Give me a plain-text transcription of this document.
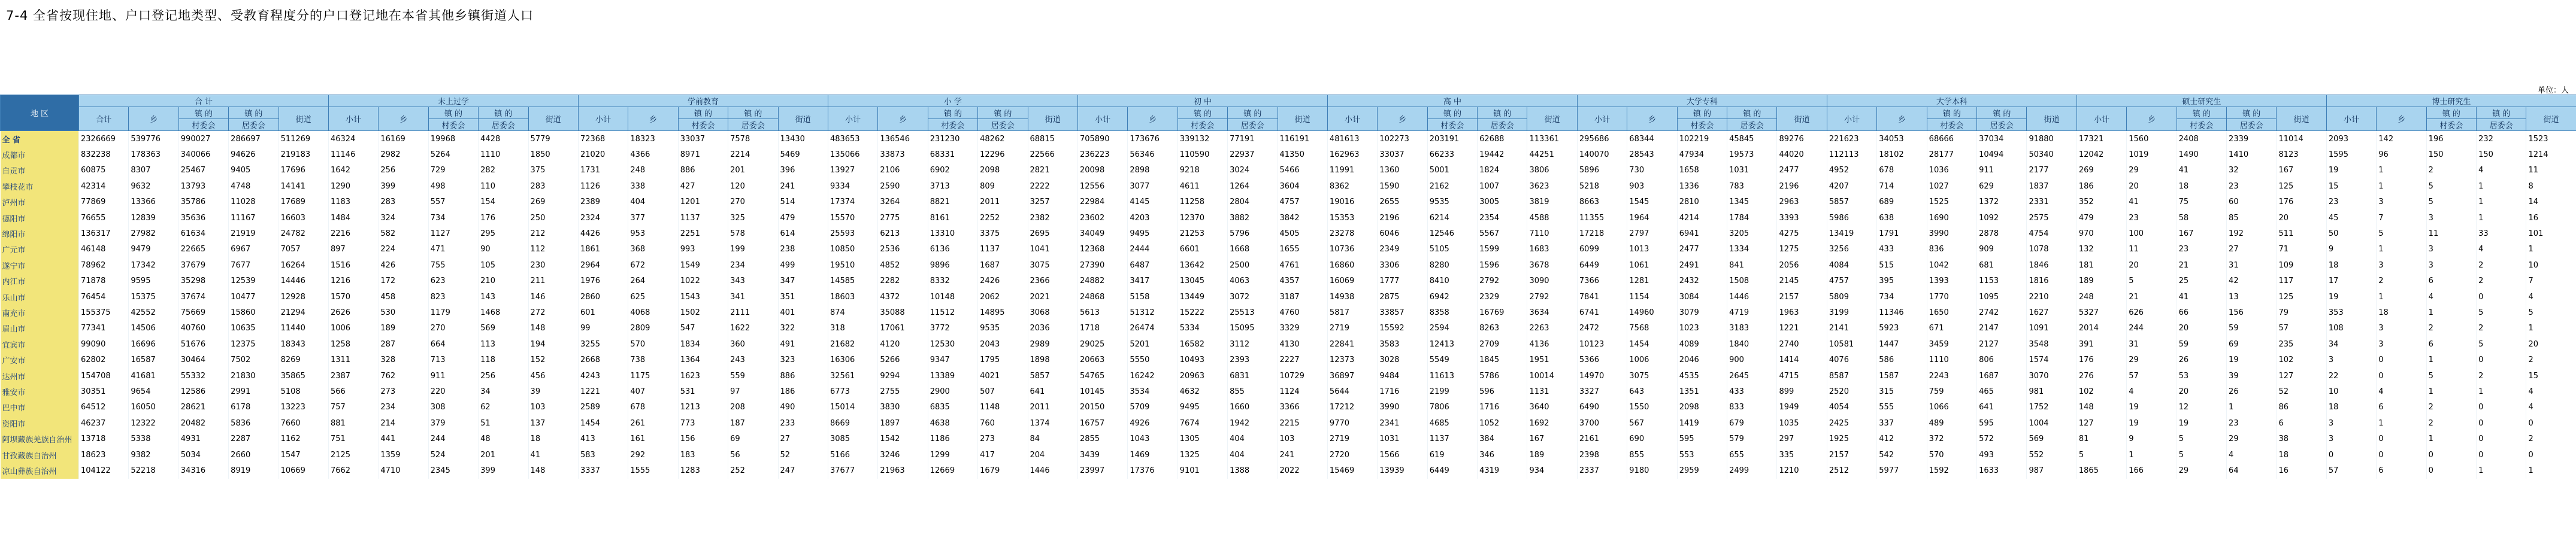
7-4 全省按现住地、户口登记地类型、受教育程度分的户口登记地在本省其他乡镇街道人口
单位：人
地 区	合 计					未上过学					学前教育					小 学					初 中					高 中					大学专科					大学本科					硕士研究生					博士研究生					
	合计	乡	镇 的	镇 的	街道	小计	乡	镇 的	镇 的	街道	小计	乡	镇 的	镇 的	街道	小计	乡	镇 的	镇 的	街道	小计	乡	镇 的	镇 的	街道	小计	乡	镇 的	镇 的	街道	小计	乡	镇 的	镇 的	街道	小计	乡	镇 的	镇 的	街道	小计	乡	镇 的	镇 的	街道	小计	乡	镇 的	镇 的	街道	
			村委会	居委会				村委会	居委会				村委会	居委会				村委会	居委会				村委会	居委会				村委会	居委会				村委会	居委会				村委会	居委会				村委会	居委会				村委会	居委会		
全 省	2326669	539776	990027	286697	511269	46324	16169	19968	4428	5779	72368	18323	33037	7578	13430	483653	136546	231230	48262	68815	705890	173676	339132	77191	116191	481613	102273	203191	62688	113361	295686	68344	102219	45845	89276	221623	34053	68666	37034	91880	17321	1560	2408	2339	11014	2093	142	196	232	1523	
成都市	832238	178363	340066	94626	219183	11146	2982	5264	1110	1850	21020	4366	8971	2214	5469	135066	33873	68331	12296	22566	236223	56346	110590	22937	41350	162963	33037	66233	19442	44251	140070	28543	47934	19573	44020	112113	18102	28177	10494	50340	12042	1019	1490	1410	8123	1595	96	150	150	1214	
自贡市	60875	8307	25467	9405	17696	1642	256	729	282	375	1731	248	886	201	396	13927	2106	6902	2098	2821	20098	2898	9218	3024	5466	11991	1360	5001	1824	3806	5896	730	1658	1031	2477	4952	678	1036	911	2177	269	29	41	32	167	19	1	2	4	11	
攀枝花市	42314	9632	13793	4748	14141	1290	399	498	110	283	1126	338	427	120	241	9334	2590	3713	809	2222	12556	3077	4611	1264	3604	8362	1590	2162	1007	3623	5218	903	1336	783	2196	4207	714	1027	629	1837	186	20	18	23	125	15	1	5	1	8	
泸州市	77869	13366	35786	11028	17689	1183	283	557	154	269	2389	404	1201	270	514	17374	3264	8821	2011	3257	22984	4145	11258	2804	4757	19016	2655	9535	3005	3819	8663	1545	2810	1345	2963	5857	689	1525	1372	2331	352	41	75	60	176	23	3	5	1	14	
德阳市	76655	12839	35636	11167	16603	1484	324	734	176	250	2324	377	1137	325	479	15570	2775	8161	2252	2382	23602	4203	12370	3882	3842	15353	2196	6214	2354	4588	11355	1964	4214	1784	3393	5986	638	1690	1092	2575	479	23	58	85	20	45	7	3	1	16	
绵阳市	136317	27982	61634	21919	24782	2216	582	1127	295	212	4426	953	2251	578	614	25593	6213	13310	3375	2695	34049	9495	21253	5796	4505	23278	6046	12546	5567	7110	17218	2797	6941	3205	4275	13419	1791	3990	2878	4754	970	100	167	192	511	50	5	11	33	101	
广元市	46148	9479	22665	6967	7057	897	224	471	90	112	1861	368	993	199	238	10850	2536	6136	1137	1041	12368	2444	6601	1668	1655	10736	2349	5105	1599	1683	6099	1013	2477	1334	1275	3256	433	836	909	1078	132	11	23	27	71	9	1	3	4	1	
遂宁市	78962	17342	37679	7677	16264	1516	426	755	105	230	2964	672	1549	234	499	19510	4852	9896	1687	3075	27390	6487	13642	2500	4761	16860	3306	8280	1596	3678	6449	1061	2491	841	2056	4084	515	1042	681	1846	181	20	21	31	109	18	3	3	2	10	
内江市	71878	9595	35298	12539	14446	1216	172	623	210	211	1976	264	1022	343	347	14585	2282	8332	2426	2366	24882	3417	13045	4063	4357	16069	1777	8410	2792	3090	7366	1281	2432	1508	2145	4757	395	1393	1153	1816	189	5	25	42	117	17	2	6	2	7	
乐山市	76454	15375	37674	10477	12928	1570	458	823	143	146	2860	625	1543	341	351	18603	4372	10148	2062	2021	24868	5158	13449	3072	3187	14938	2875	6942	2329	2792	7841	1154	3084	1446	2157	5809	734	1770	1095	2210	248	21	41	13	125	19	1	4	0	4	
南充市	155375	42552	75669	15860	21294	2626	530	1179	1468	272	601	4068	1502	2111	401	874	35088	11512	14895	3068	5613	51312	15222	25513	4760	5817	33857	8358	16769	3634	6741	14960	3079	4719	1963	3199	11346	1650	2742	1627	5327	626	66	156	79	353	18	1	5	5	
眉山市	77341	14506	40760	10635	11440	1006	189	270	569	148	99	2809	547	1622	322	318	17061	3772	9535	2036	1718	26474	5334	15095	3329	2719	15592	2594	8263	2263	2472	7568	1023	3183	1221	2141	5923	671	2147	1091	2014	244	20	59	57	108	3	2	2	1	
宜宾市	99090	16696	51676	12375	18343	1258	287	664	113	194	3255	570	1834	360	491	21682	4120	12530	2043	2989	29025	5201	16582	3112	4130	22841	3583	12413	2709	4136	10123	1454	4089	1840	2740	10581	1447	3459	2127	3548	391	31	59	69	235	34	3	6	5	20	
广安市	62802	16587	30464	7502	8269	1311	328	713	118	152	2668	738	1364	243	323	16306	5266	9347	1795	1898	20663	5550	10493	2393	2227	12373	3028	5549	1845	1951	5366	1006	2046	900	1414	4076	586	1110	806	1574	176	29	26	19	102	3	0	1	0	2	
达州市	154708	41681	55332	21830	35865	2387	762	911	256	456	4243	1175	1623	559	886	32561	9294	13389	4021	5857	54765	16242	20963	6831	10729	36897	9484	11613	5786	10014	14970	3075	4535	2645	4715	8587	1587	2243	1687	3070	276	57	53	39	127	22	0	5	2	15	
雅安市	30351	9654	12586	2991	5108	566	273	220	34	39	1221	407	531	97	186	6773	2755	2900	507	641	10145	3534	4632	855	1124	5644	1716	2199	596	1131	3327	643	1351	433	899	2520	315	759	465	981	102	4	20	26	52	10	4	1	1	4	
巴中市	64512	16050	28621	6178	13223	757	234	308	62	103	2589	678	1213	208	490	15014	3830	6835	1148	2011	20150	5709	9495	1660	3366	17212	3990	7806	1716	3640	6490	1550	2098	833	1949	4054	555	1066	641	1752	148	19	12	1	86	18	6	2	0	4	
资阳市	46237	12322	20482	5836	7660	881	214	379	51	137	1454	261	773	187	233	8669	1897	4638	760	1374	16757	4926	7674	1942	2215	9770	2341	4685	1052	1692	3700	567	1419	679	1035	2425	337	489	595	1004	127	19	19	23	6	3	1	2	0	0	
阿坝藏族羌族自治州	13718	5338	4931	2287	1162	751	441	244	48	18	413	161	156	69	27	3085	1542	1186	273	84	2855	1043	1305	404	103	2719	1031	1137	384	167	2161	690	595	579	297	1925	412	372	572	569	81	9	5	29	38	3	0	1	0	2	
甘孜藏族自治州	18623	9382	5034	2660	1547	2125	1359	524	201	41	583	292	183	56	52	5166	3246	1299	417	204	3439	1469	1325	404	241	2720	1566	619	346	189	2398	855	553	655	335	2157	542	570	493	552	5	1	5	4	18	0	0	0	0	0	
凉山彝族自治州	104122	52218	34316	8919	10669	7662	4710	2345	399	148	3337	1555	1283	252	247	37677	21963	12669	1679	1446	23997	17376	9101	1388	2022	15469	13939	6449	4319	934	2337	9180	2959	2499	1210	2512	5977	1592	1633	987	1865	166	29	64	16	57	6	0	1	1	
